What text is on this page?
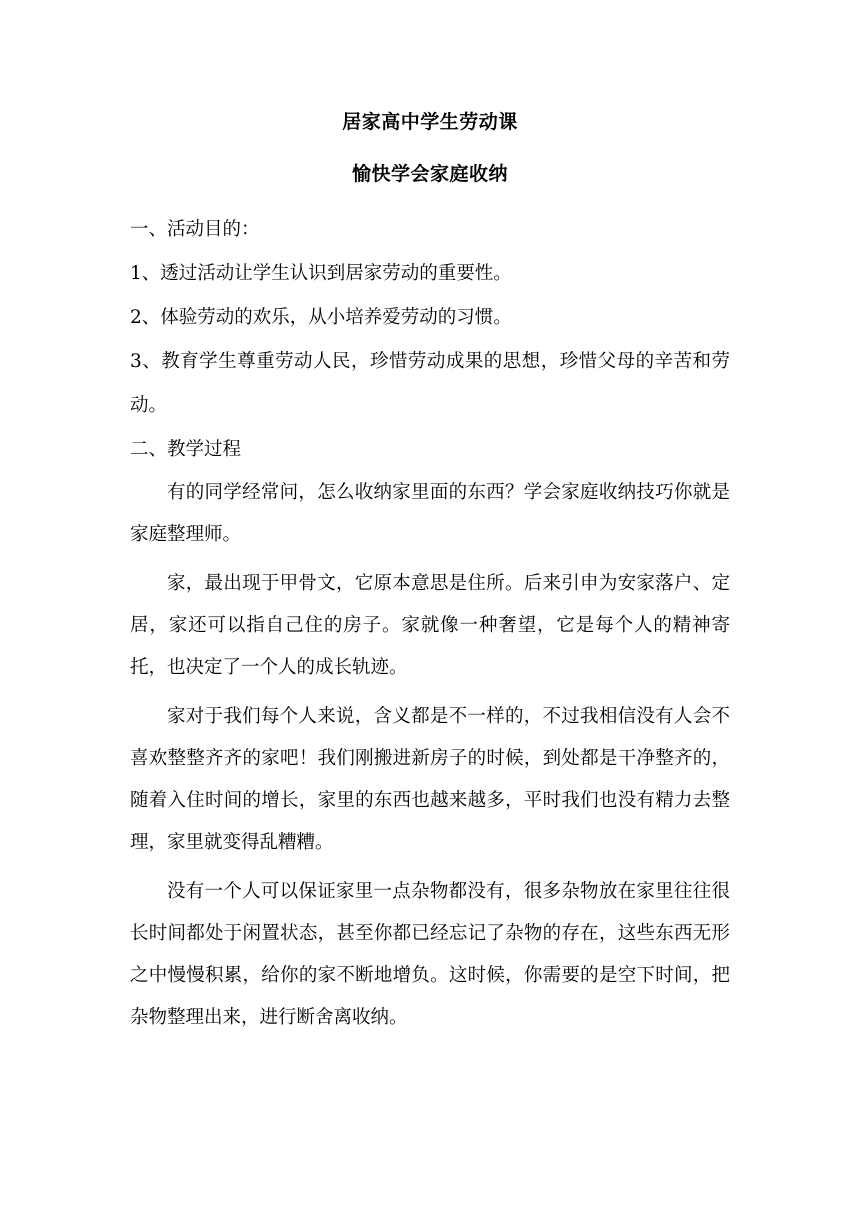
居家高中学生劳动课

愉快学会家庭收纳

一、活动目的：

1、透过活动让学生认识到居家劳动的重要性。

2、体验劳动的欢乐，从小培养爱劳动的习惯。

3、教育学生尊重劳动人民，珍惜劳动成果的思想，珍惜父母的辛苦和劳动。

二、教学过程

有的同学经常问，怎么收纳家里面的东西？学会家庭收纳技巧你就是家庭整理师。

家，最出现于甲骨文，它原本意思是住所。后来引申为安家落户、定居，家还可以指自己住的房子。家就像一种奢望，它是每个人的精神寄托，也决定了一个人的成长轨迹。

家对于我们每个人来说，含义都是不一样的，不过我相信没有人会不喜欢整整齐齐的家吧！我们刚搬进新房子的时候，到处都是干净整齐的，随着入住时间的增长，家里的东西也越来越多，平时我们也没有精力去整理，家里就变得乱糟糟。

没有一个人可以保证家里一点杂物都没有，很多杂物放在家里往往很长时间都处于闲置状态，甚至你都已经忘记了杂物的存在，这些东西无形之中慢慢积累，给你的家不断地增负。这时候，你需要的是空下时间，把杂物整理出来，进行断舍离收纳。
